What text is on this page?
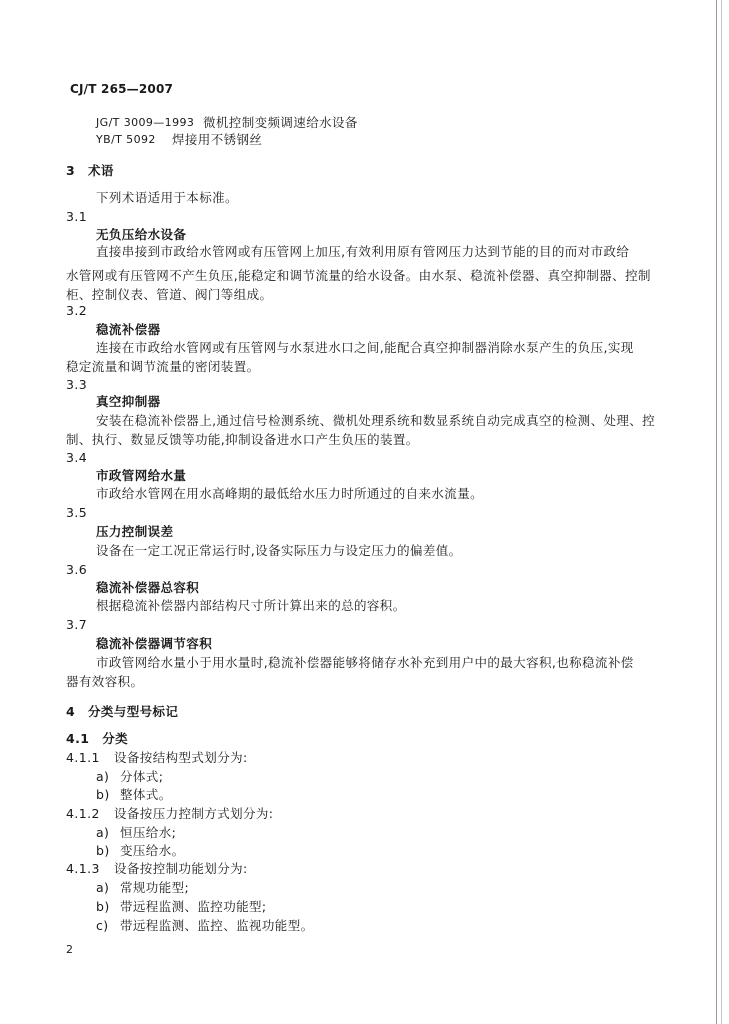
CJ/T 265—2007
JG/T 3009—1993 微机控制变频调速给水设备
YB/T 5092 焊接用不锈钢丝
3　术语
下列术语适用于本标准。
3.1
无负压给水设备
直接串接到市政给水管网或有压管网上加压,有效利用原有管网压力达到节能的目的而对市政给
水管网或有压管网不产生负压,能稳定和调节流量的给水设备。由水泵、稳流补偿器、真空抑制器、控制
柜、控制仪表、管道、阀门等组成。
3.2
稳流补偿器
连接在市政给水管网或有压管网与水泵进水口之间,能配合真空抑制器消除水泵产生的负压,实现
稳定流量和调节流量的密闭装置。
3.3
真空抑制器
安装在稳流补偿器上,通过信号检测系统、微机处理系统和数显系统自动完成真空的检测、处理、控
制、执行、数显反馈等功能,抑制设备进水口产生负压的装置。
3.4
市政管网给水量
市政给水管网在用水高峰期的最低给水压力时所通过的自来水流量。
3.5
压力控制误差
设备在一定工况正常运行时,设备实际压力与设定压力的偏差值。
3.6
稳流补偿器总容积
根据稳流补偿器内部结构尺寸所计算出来的总的容积。
3.7
稳流补偿器调节容积
市政管网给水量小于用水量时,稳流补偿器能够将储存水补充到用户中的最大容积,也称稳流补偿
器有效容积。
4　分类与型号标记
4.1　分类
4.1.1 设备按结构型式划分为:
a) 分体式;
b) 整体式。
4.1.2 设备按压力控制方式划分为:
a) 恒压给水;
b) 变压给水。
4.1.3 设备按控制功能划分为:
a) 常规功能型;
b) 带远程监测、监控功能型;
c) 带远程监测、监控、监视功能型。
2
